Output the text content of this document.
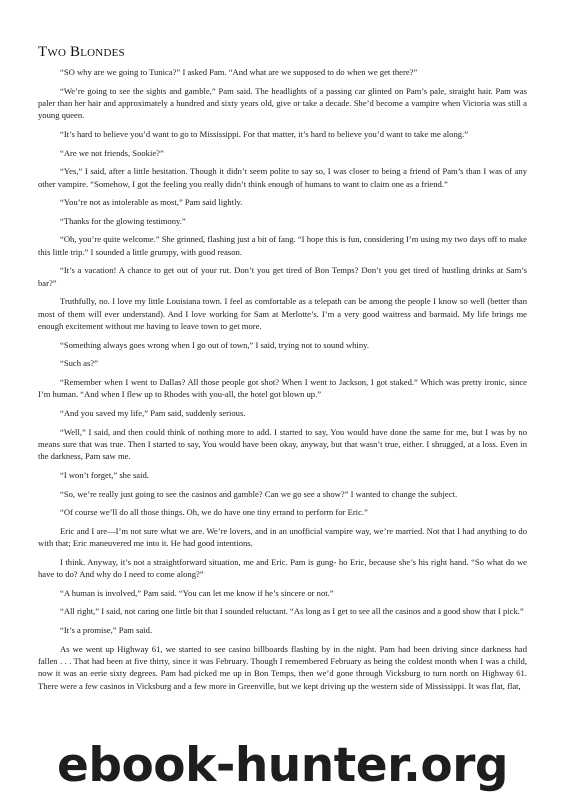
Two Blondes

“SO why are we going to Tunica?” I asked Pam. “And what are we supposed to do when we get there?”

“We’re going to see the sights and gamble,” Pam said. The headlights of a passing car glinted on Pam’s pale, straight hair. Pam was paler than her hair and approximately a hundred and sixty years old, give or take a decade. She’d become a vampire when Victoria was still a young queen.

“It’s hard to believe you’d want to go to Mississippi. For that matter, it’s hard to believe you’d want to take me along.”

“Are we not friends, Sookie?”

“Yes,” I said, after a little hesitation. Though it didn’t seem polite to say so, I was closer to being a friend of Pam’s than I was of any other vampire. “Somehow, I got the feeling you really didn’t think enough of humans to want to claim one as a friend.”

“You’re not as intolerable as most,” Pam said lightly.

“Thanks for the glowing testimony.”

“Oh, you’re quite welcome.” She grinned, flashing just a bit of fang. “I hope this is fun, considering I’m using my two days off to make this little trip.” I sounded a little grumpy, with good reason.

“It’s a vacation! A chance to get out of your rut. Don’t you get tired of Bon Temps? Don’t you get tired of hustling drinks at Sam’s bar?”

Truthfully, no. I love my little Louisiana town. I feel as comfortable as a telepath can be among the people I know so well (better than most of them will ever understand). And I love working for Sam at Merlotte’s. I’m a very good waitress and barmaid. My life brings me enough excitement without me having to leave town to get more.

“Something always goes wrong when I go out of town,” I said, trying not to sound whiny.

“Such as?”

“Remember when I went to Dallas? All those people got shot? When I went to Jackson, I got staked.” Which was pretty ironic, since I’m human. “And when I flew up to Rhodes with you-all, the hotel got blown up.”

“And you saved my life,” Pam said, suddenly serious.

“Well,” I said, and then could think of nothing more to add. I started to say, You would have done the same for me, but I was by no means sure that was true. Then I started to say, You would have been okay, anyway, but that wasn’t true, either. I shrugged, at a loss. Even in the darkness, Pam saw me.

“I won’t forget,” she said.

“So, we’re really just going to see the casinos and gamble? Can we go see a show?” I wanted to change the subject.

“Of course we’ll do all those things. Oh, we do have one tiny errand to perform for Eric.”

Eric and I are—I’m not sure what we are. We’re lovers, and in an unofficial vampire way, we’re married. Not that I had anything to do with that; Eric maneuvered me into it. He had good intentions.

I think. Anyway, it’s not a straightforward situation, me and Eric. Pam is gung- ho Eric, because she’s his right hand. “So what do we have to do? And why do I need to come along?”

“A human is involved,” Pam said. “You can let me know if he’s sincere or not.”

“All right,” I said, not caring one little bit that I sounded reluctant. “As long as I get to see all the casinos and a good show that I pick.”

“It’s a promise,” Pam said.

As we went up Highway 61, we started to see casino billboards flashing by in the night. Pam had been driving since darkness had fallen . . . That had been at five thirty, since it was February. Though I remembered February as being the coldest month when I was a child, now it was an eerie sixty degrees. Pam had picked me up in Bon Temps, then we’d gone through Vicksburg to turn north on Highway 61. There were a few casinos in Vicksburg and a few more in Greenville, but we kept driving up the western side of Mississippi. It was flat, flat,

ebook-hunter.org
